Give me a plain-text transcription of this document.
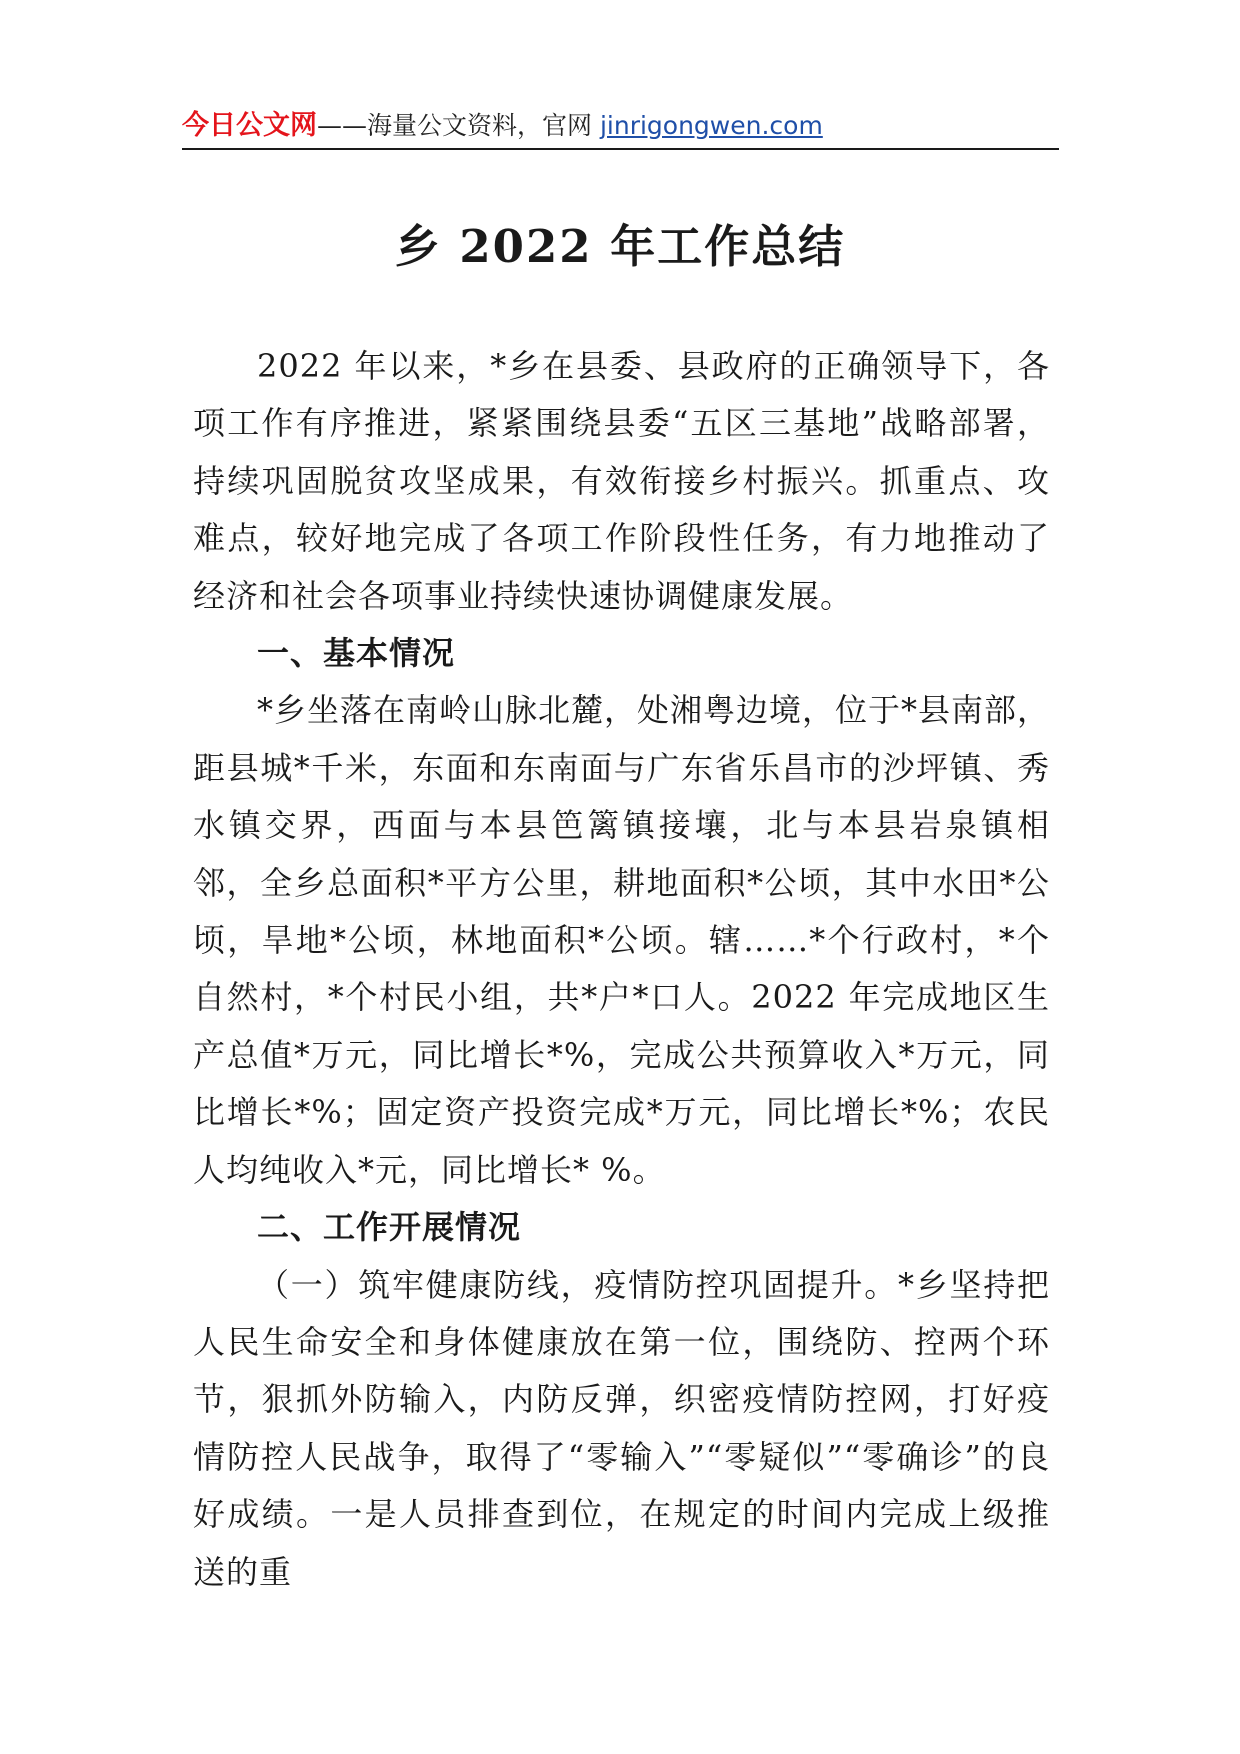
今日公文网——海量公文资料，官网 jinrigongwen.com
乡 2022 年工作总结

2022 年以来，*乡在县委、县政府的正确领导下，各项工作有序推进，紧紧围绕县委“五区三基地”战略部署，持续巩固脱贫攻坚成果，有效衔接乡村振兴。抓重点、攻难点，较好地完成了各项工作阶段性任务，有力地推动了经济和社会各项事业持续快速协调健康发展。

一、基本情况

*乡坐落在南岭山脉北麓，处湘粤边境，位于*县南部，距县城*千米，东面和东南面与广东省乐昌市的沙坪镇、秀水镇交界，西面与本县笆篱镇接壤，北与本县岩泉镇相邻，全乡总面积*平方公里，耕地面积*公顷，其中水田*公顷，旱地*公顷，林地面积*公顷。辖……*个行政村，*个自然村，*个村民小组，共*户*口人。2022 年完成地区生产总值*万元，同比增长*%，完成公共预算收入*万元，同比增长*%；固定资产投资完成*万元，同比增长*%；农民人均纯收入*元，同比增长* %。

二、工作开展情况

（一）筑牢健康防线，疫情防控巩固提升。*乡坚持把人民生命安全和身体健康放在第一位，围绕防、控两个环节，狠抓外防输入，内防反弹，织密疫情防控网，打好疫情防控人民战争，取得了“零输入”“零疑似”“零确诊”的良好成绩。一是人员排查到位，在规定的时间内完成上级推送的重
